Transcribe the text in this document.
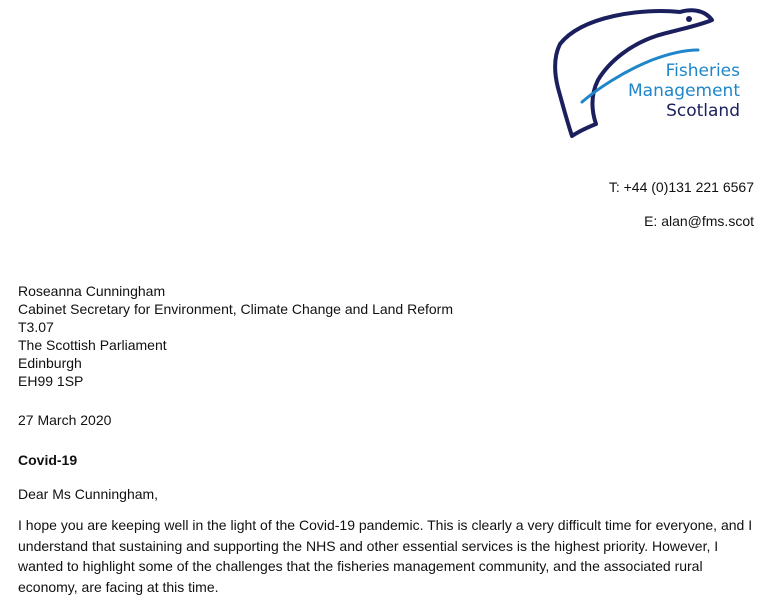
Fisheries
Management
Scotland
T: +44 (0)131 221 6567
E: alan@fms.scot
Roseanna Cunningham
Cabinet Secretary for Environment, Climate Change and Land Reform
T3.07
The Scottish Parliament
Edinburgh
EH99 1SP
27 March 2020
Covid-19
Dear Ms Cunningham,
I hope you are keeping well in the light of the Covid-19 pandemic. This is clearly a very difficult time for everyone, and I understand that sustaining and supporting the NHS and other essential services is the highest priority. However, I wanted to highlight some of the challenges that the fisheries management community, and the associated rural economy, are facing at this time.
